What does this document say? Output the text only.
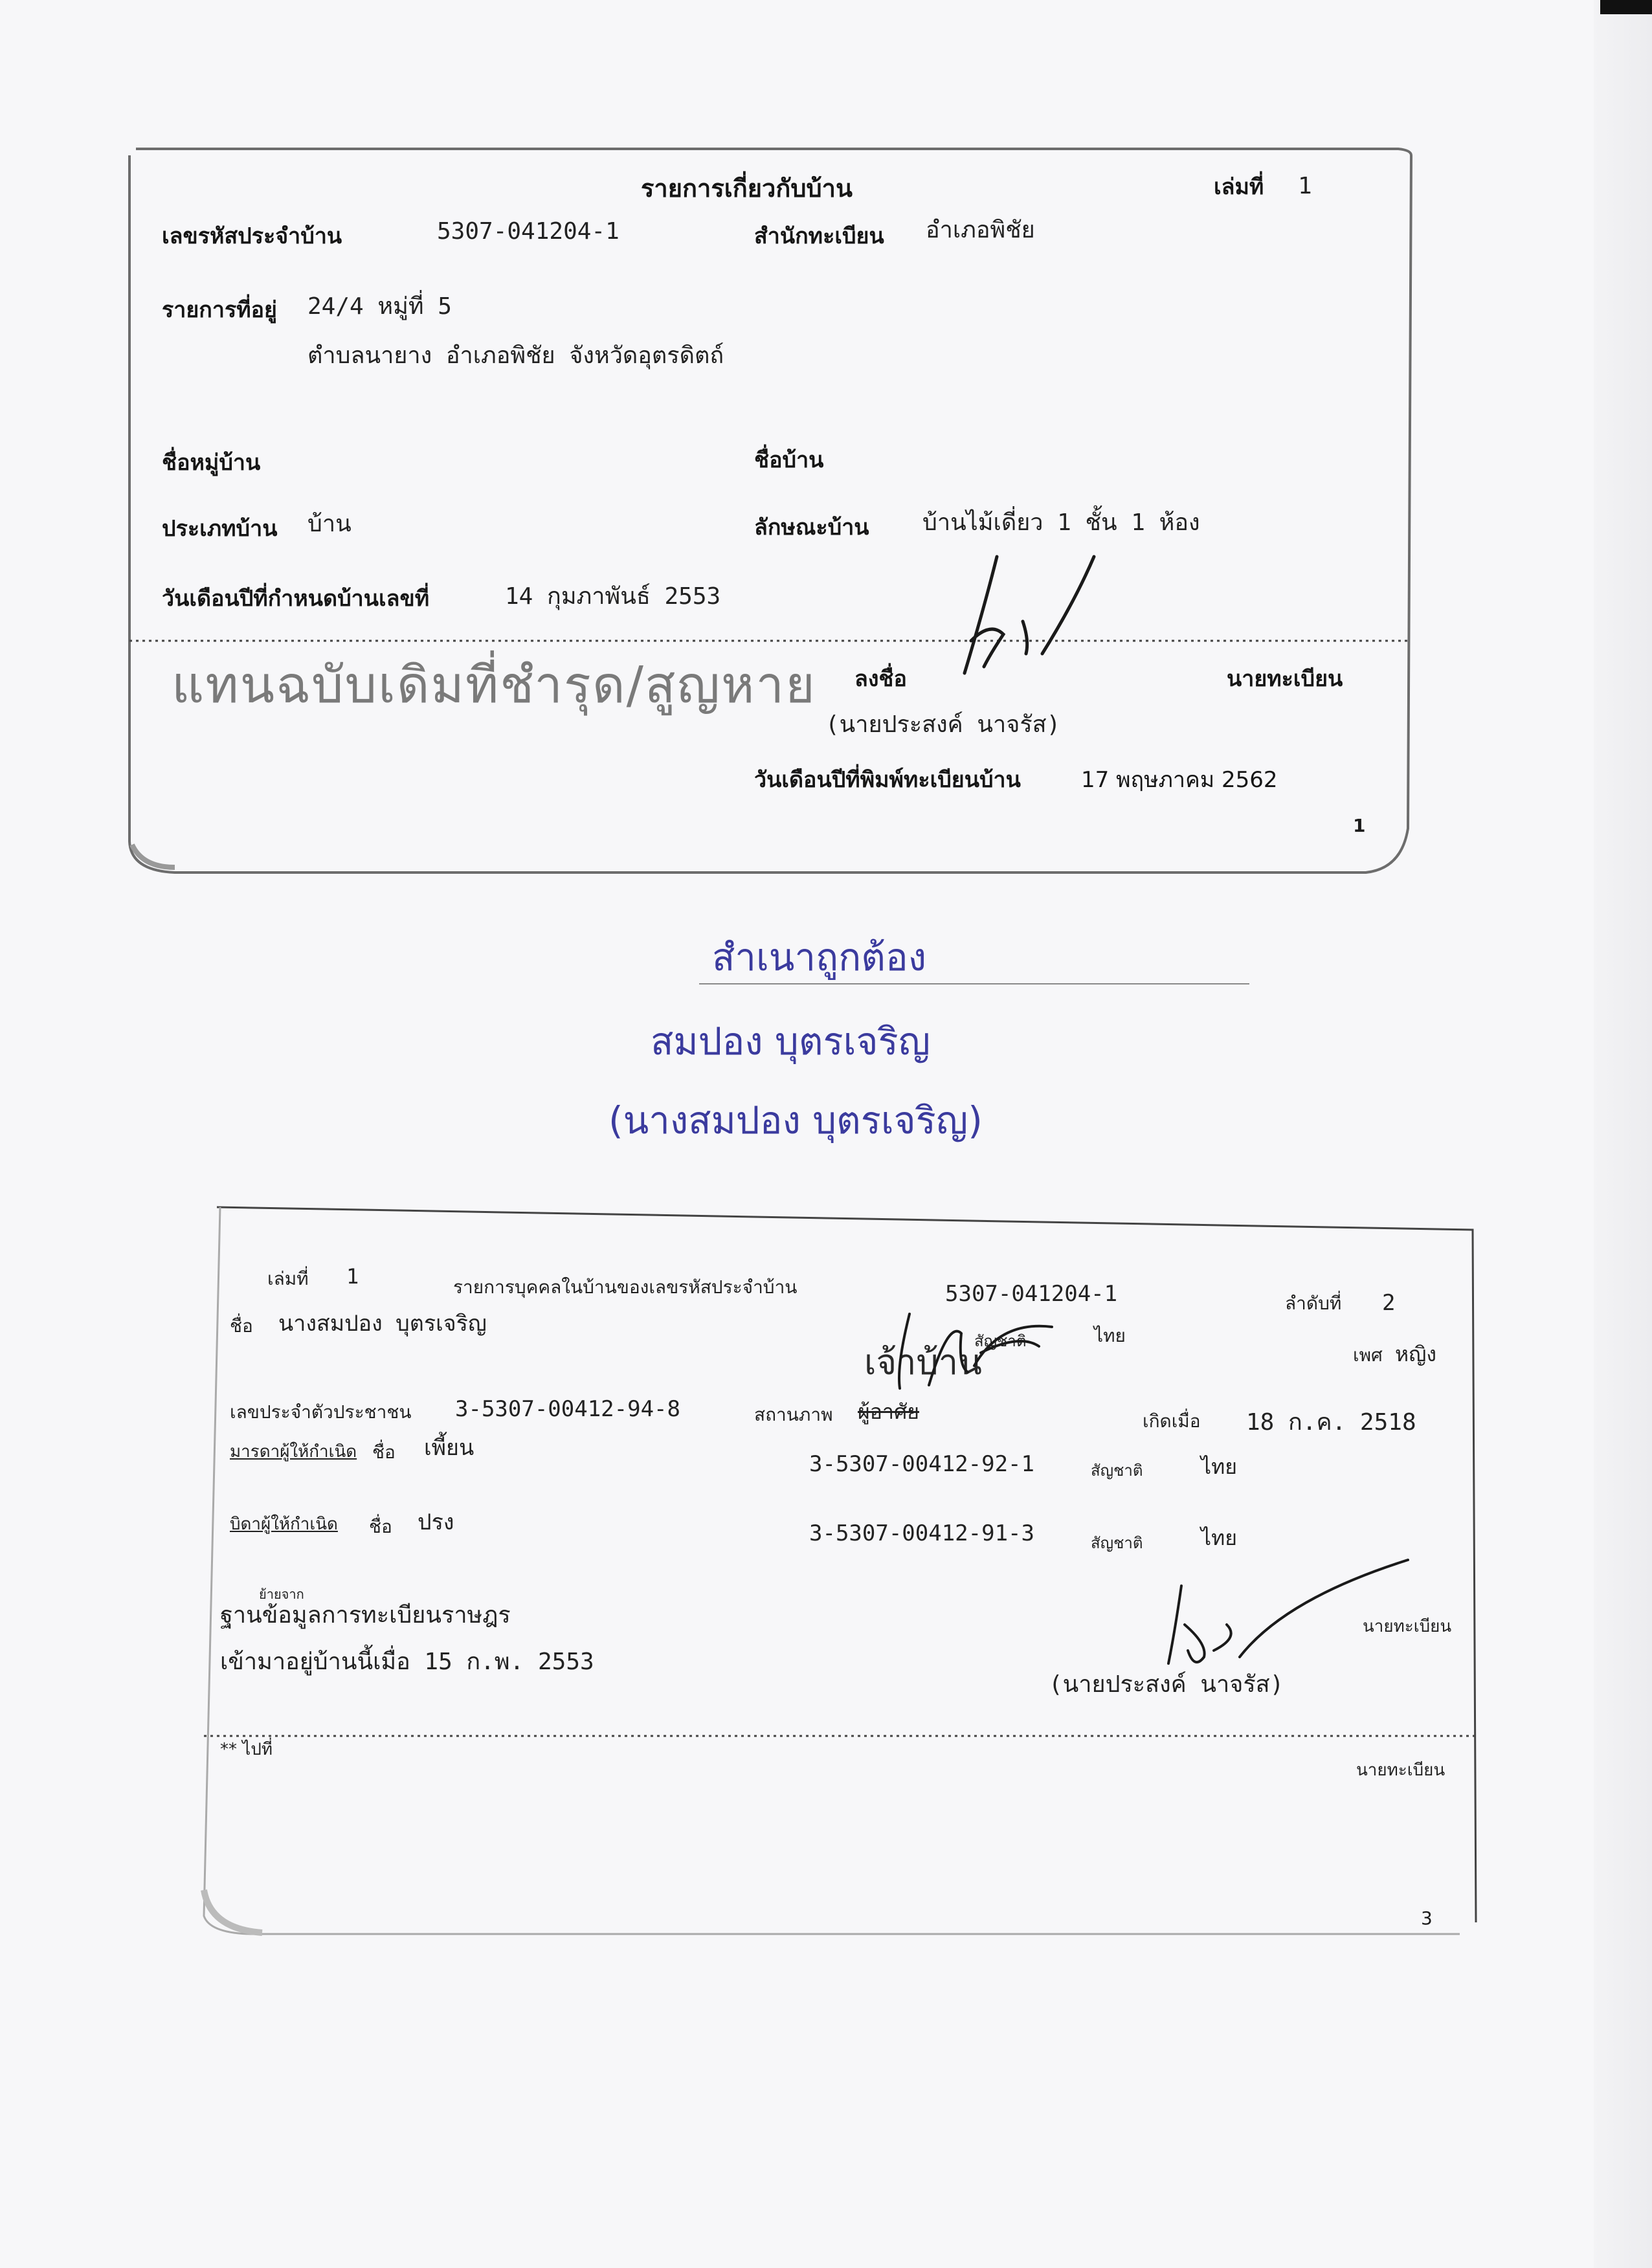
รายการเกี่ยวกับบ้าน	เล่มที่ 1
เลขรหัสประจำบ้าน	5307-041204-1	สำนักทะเบียน อำเภอพิชัย
รายการที่อยู่ 24/4 หมู่ที่ 5
ตำบลนายาง อำเภอพิชัย จังหวัดอุตรดิตถ์
ชื่อหมู่บ้าน	ชื่อบ้าน
ประเภทบ้าน บ้าน	ลักษณะบ้าน บ้านไม้เดี่ยว 1 ชั้น 1 ห้อง
วันเดือนปีที่กำหนดบ้านเลขที่	14 กุมภาพันธ์ 2553
แทนฉบับเดิมที่ชำรุด/สูญหาย ลงชื่อ	นายทะเบียน
(นายประสงค์ นาจรัส)
วันเดือนปีที่พิมพ์ทะเบียนบ้าน	17 พฤษภาคม 2562
1
สำเนาถูกต้อง
สมปอง บุตรเจริญ
(นางสมปอง บุตรเจริญ)
เล่มที่ 1	รายการบุคคลในบ้านของเลขรหัสประจำบ้าน	5307-041204-1	ลำดับที่ 2
ชื่อ นางสมปอง บุตรเจริญ
สัญชาติ	ไทย
เจ้าบ้าน	เพศ หญิง
เลขประจำตัวประชาชน 3-5307-00412-94-8	สถานภาพ ผู้อาศัย	เกิดเมื่อ 18 ก.ค. 2518
มารดาผู้ให้กำเนิด ชื่อ เพี้ยน
3-5307-00412-92-1	สัญชาติ	ไทย
บิดาผู้ให้กำเนิด ชื่อ ปรง	3-5307-00412-91-3	สัญชาติ	ไทย
ย้ายจาก
ฐานข้อมูลการทะเบียนราษฎร
เข้ามาอยู่บ้านนี้เมื่อ 15 ก.พ. 2553
นายทะเบียน
(นายประสงค์ นาจรัส)
** ไปที่
นายทะเบียน
3
